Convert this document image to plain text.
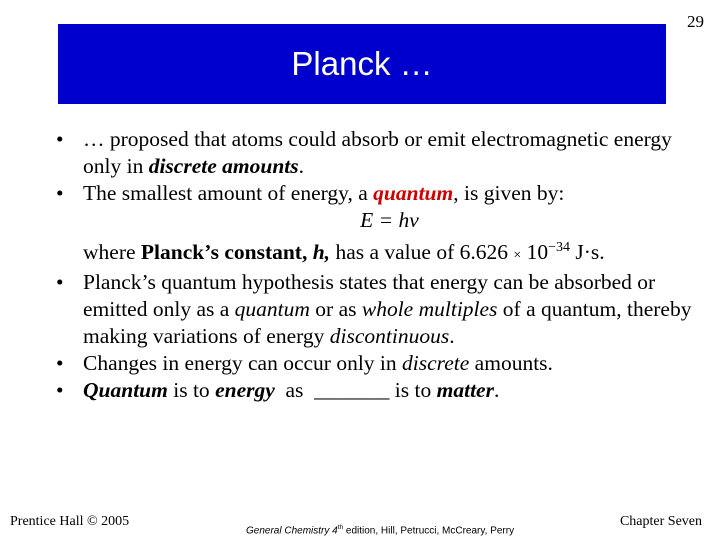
29
Planck …
• … proposed that atoms could absorb or emit electromagnetic energy only in discrete amounts.
• The smallest amount of energy, a quantum, is given by:
E = hν
where Planck’s constant, h, has a value of $6.626 \times 10^{-34}$ J·s.
• Planck’s quantum hypothesis states that energy can be absorbed or emitted only as a quantum or as whole multiples of a quantum, thereby making variations of energy discontinuous.
• Changes in energy can occur only in discrete amounts.
• Quantum is to energy  as  _______ is to matter.
Prentice Hall © 2005
General Chemistry 4th edition, Hill, Petrucci, McCreary, Perry
Chapter Seven
